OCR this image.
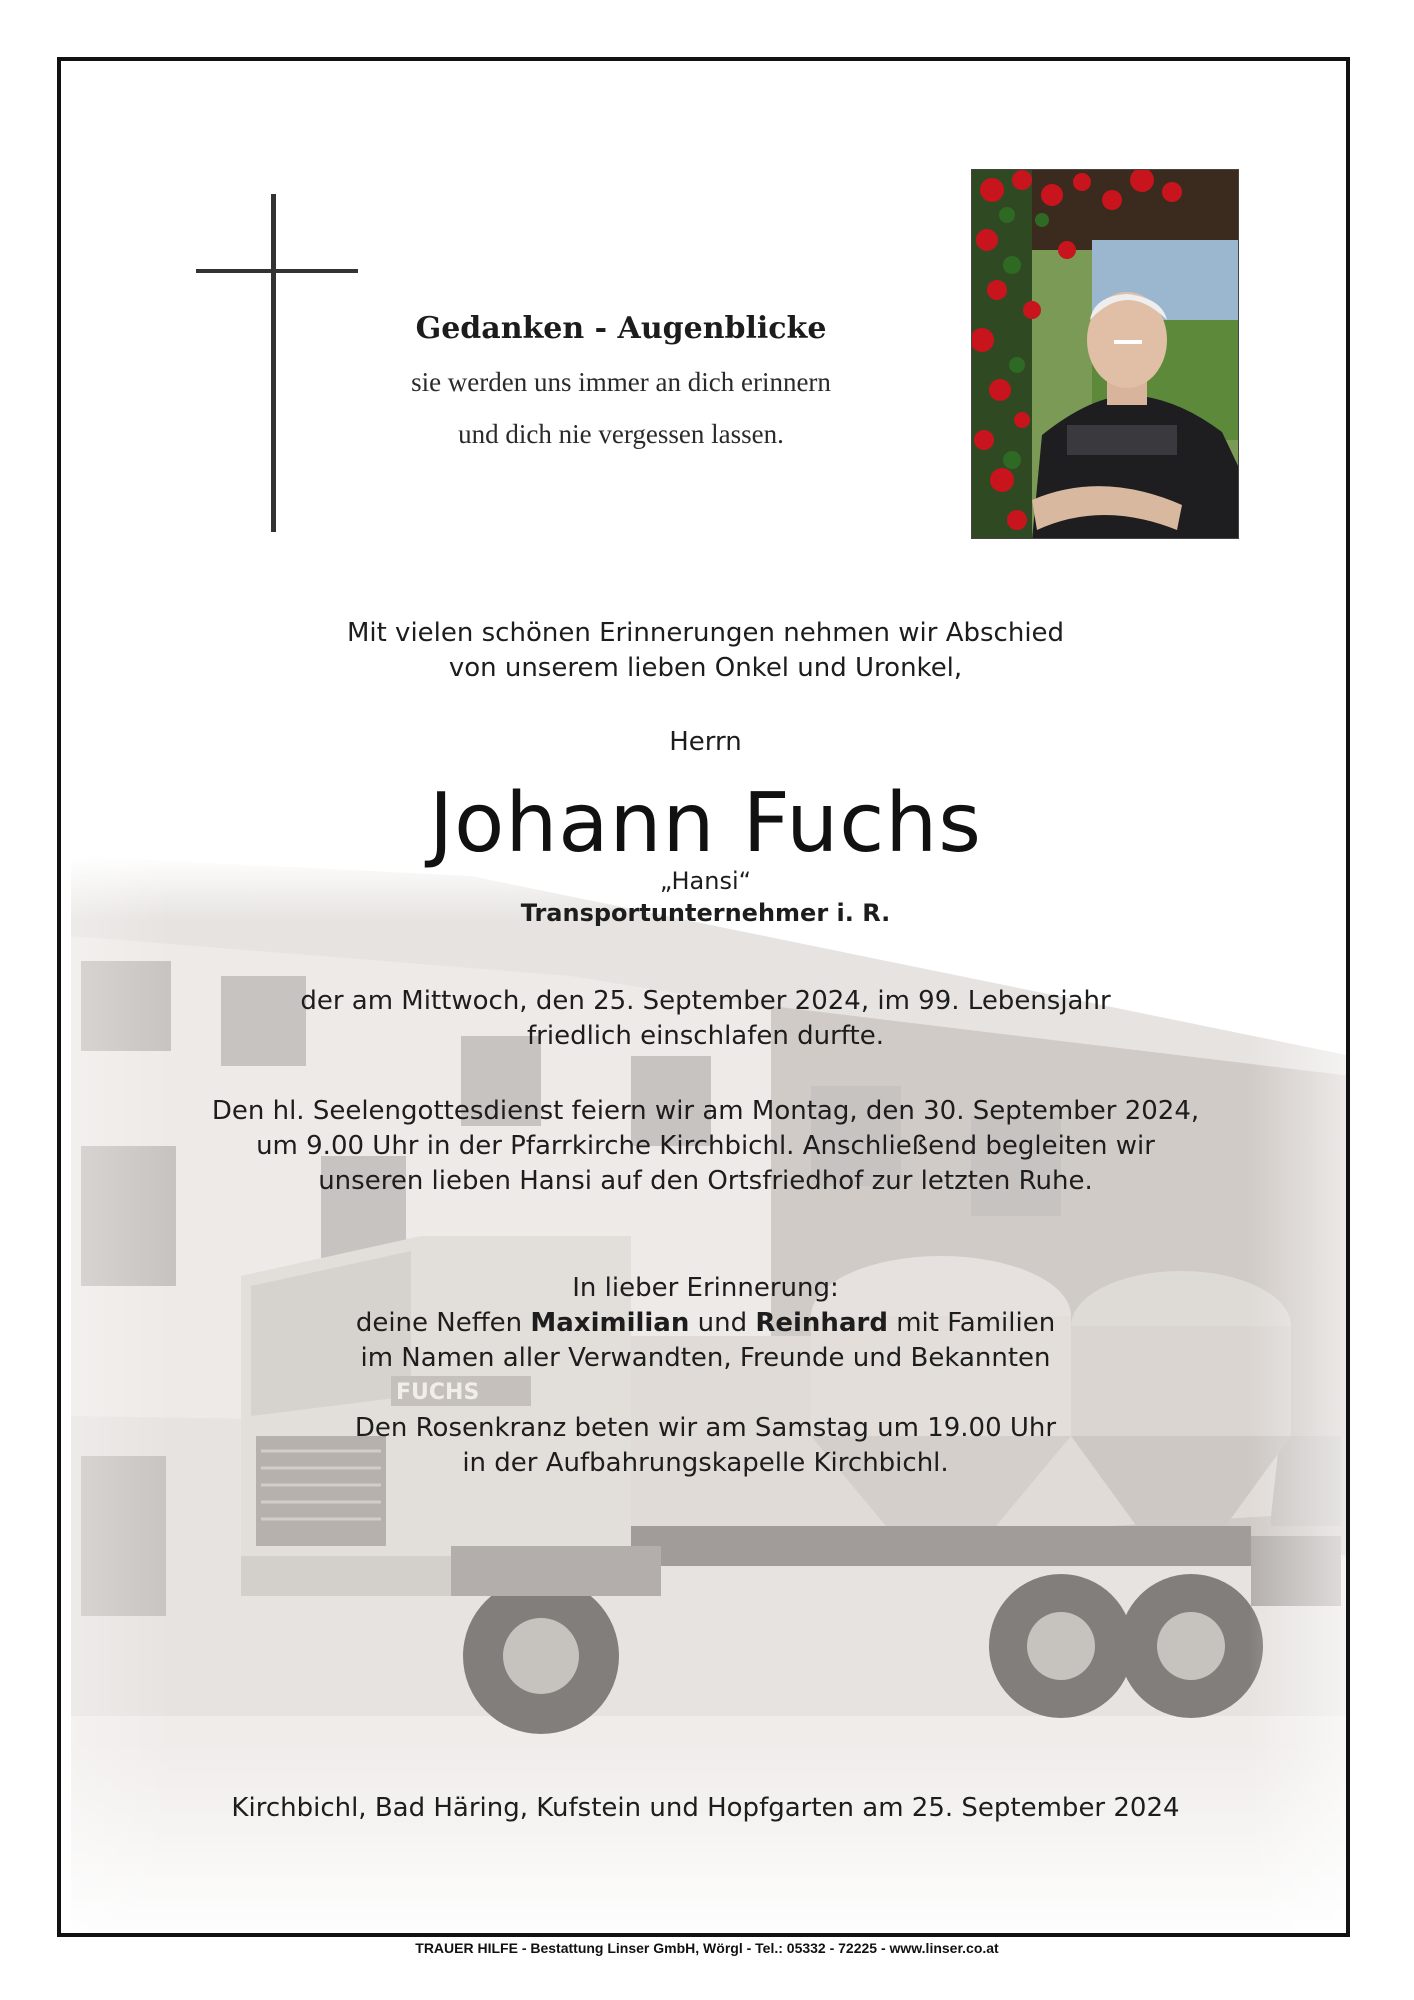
Gedanken - Augenblicke
sie werden uns immer an dich erinnern
und dich nie vergessen lassen.
Mit vielen schönen Erinnerungen nehmen wir Abschied
von unserem lieben Onkel und Uronkel,
Herrn
Johann Fuchs
„Hansi“
Transportunternehmer i. R.
der am Mittwoch, den 25. September 2024, im 99. Lebensjahr
friedlich einschlafen durfte.
Den hl. Seelengottesdienst feiern wir am Montag, den 30. September 2024,
um 9.00 Uhr in der Pfarrkirche Kirchbichl. Anschließend begleiten wir
unseren lieben Hansi auf den Ortsfriedhof zur letzten Ruhe.
In lieber Erinnerung:
deine Neffen Maximilian und Reinhard mit Familien
im Namen aller Verwandten, Freunde und Bekannten
Den Rosenkranz beten wir am Samstag um 19.00 Uhr
in der Aufbahrungskapelle Kirchbichl.
Kirchbichl, Bad Häring, Kufstein und Hopfgarten am 25. September 2024
TRAUER HILFE - Bestattung Linser GmbH, Wörgl - Tel.: 05332 - 72225 - www.linser.co.at
